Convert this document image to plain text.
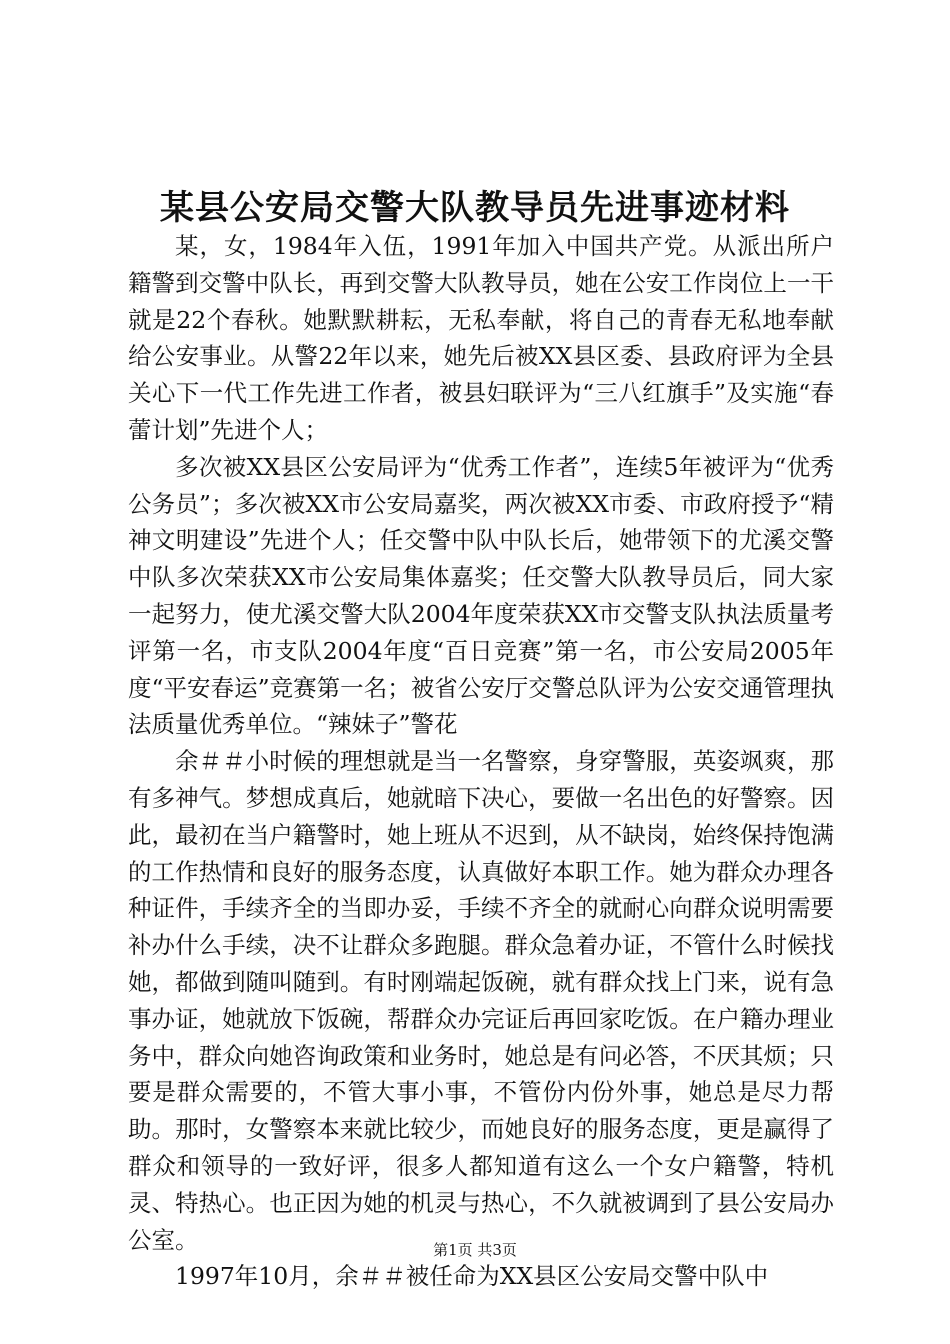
某县公安局交警大队教导员先进事迹材料

某，女，1984年入伍，1991年加入中国共产党。从派出所户籍警到交警中队长，再到交警大队教导员，她在公安工作岗位上一干就是22个春秋。她默默耕耘，无私奉献，将自己的青春无私地奉献给公安事业。从警22年以来，她先后被XX县区委、县政府评为全县关心下一代工作先进工作者，被县妇联评为“三八红旗手”及实施“春蕾计划”先进个人；

多次被XX县区公安局评为“优秀工作者”，连续5年被评为“优秀公务员”；多次被XX市公安局嘉奖，两次被XX市委、市政府授予“精神文明建设”先进个人；任交警中队中队长后，她带领下的尤溪交警中队多次荣获XX市公安局集体嘉奖；任交警大队教导员后，同大家一起努力，使尤溪交警大队2004年度荣获XX市交警支队执法质量考评第一名，市支队2004年度“百日竞赛”第一名，市公安局2005年度“平安春运”竞赛第一名；被省公安厅交警总队评为公安交通管理执法质量优秀单位。“辣妹子”警花

余＃＃小时候的理想就是当一名警察，身穿警服，英姿飒爽，那有多神气。梦想成真后，她就暗下决心，要做一名出色的好警察。因此，最初在当户籍警时，她上班从不迟到，从不缺岗，始终保持饱满的工作热情和良好的服务态度，认真做好本职工作。她为群众办理各种证件，手续齐全的当即办妥，手续不齐全的就耐心向群众说明需要补办什么手续，决不让群众多跑腿。群众急着办证，不管什么时候找她，都做到随叫随到。有时刚端起饭碗，就有群众找上门来，说有急事办证，她就放下饭碗，帮群众办完证后再回家吃饭。在户籍办理业务中，群众向她咨询政策和业务时，她总是有问必答，不厌其烦；只要是群众需要的，不管大事小事，不管份内份外事，她总是尽力帮助。那时，女警察本来就比较少，而她良好的服务态度，更是赢得了群众和领导的一致好评，很多人都知道有这么一个女户籍警，特机灵、特热心。也正因为她的机灵与热心，不久就被调到了县公安局办公室。

1997年10月，余＃＃被任命为XX县区公安局交警中队中

第1页 共3页
